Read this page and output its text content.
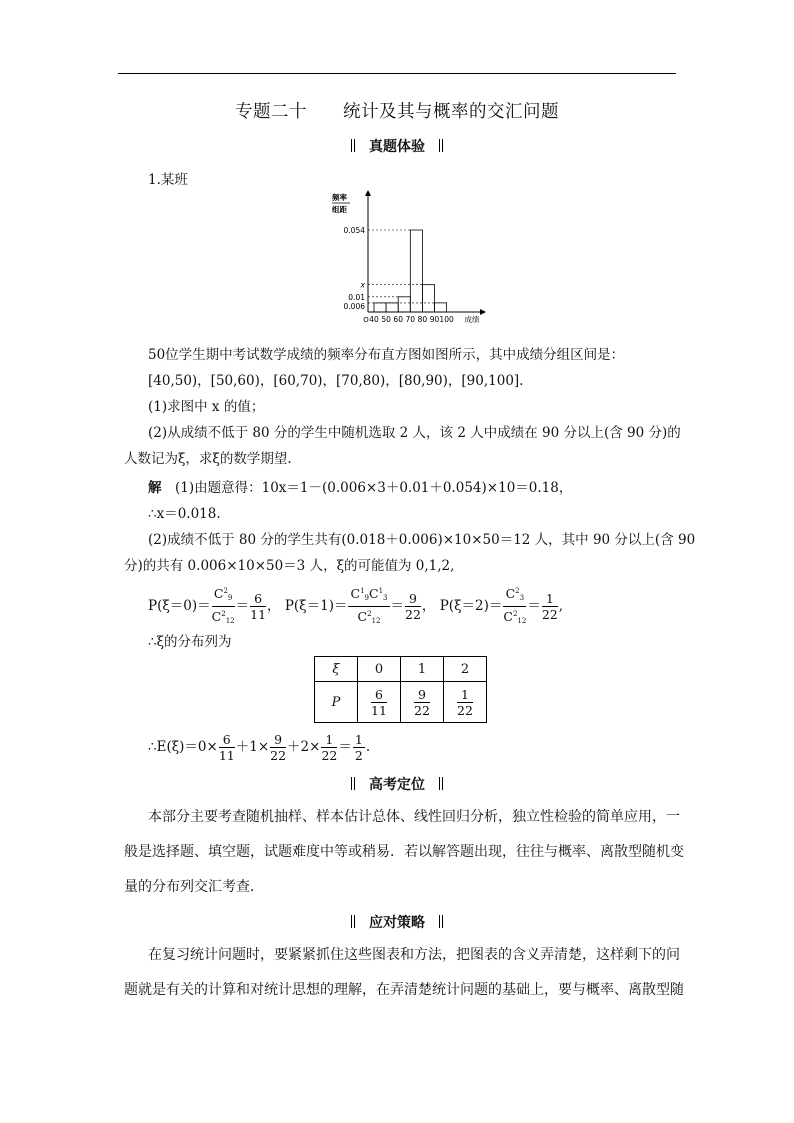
专题二十　　统计及其与概率的交汇问题
真题体验
1.某班
频率
组距
0.054
x
0.01
0.006
O 40 50 60 70 80 90 100 成绩
50位学生期中考试数学成绩的频率分布直方图如图所示，其中成绩分组区间是：
[40,50)，[50,60)，[60,70)，[70,80)，[80,90)，[90,100].
(1)求图中 x 的值；
(2)从成绩不低于 80 分的学生中随机选取 2 人，该 2 人中成绩在 90 分以上(含 90 分)的
人数记为ξ，求ξ的数学期望.
解　 (1)由题意得：10x＝1－(0.006×3＋0.01＋0.054)×10＝0.18，
∴x＝0.018.
(2)成绩不低于 80 分的学生共有(0.018＋0.006)×10×50＝12 人，其中 90 分以上(含 90
分)的共有 0.006×10×50＝3 人，ξ的可能值为 0,1,2,
$P(\xi=0)= \frac{C^2_9}{C^2_{12}} = \frac{6}{11}$ ， $P(\xi=1)= \frac{C^1_9C^1_3}{C^2_{12}} = \frac{9}{22}$ ， $P(\xi=2)= \frac{C^2_3}{C^2_{12}} = \frac{1}{22}$ ,
∴ξ的分布列为
ξ	0	1	2
P	$\frac{6}{11}$	$\frac{9}{22}$	$\frac{1}{22}$
∴E(ξ)＝0× $\frac{6}{11} +1\times \frac{9}{22} +2\times \frac{1}{22} = \frac{1}{2}$ .
高考定位
本部分主要考查随机抽样、样本估计总体、线性回归分析，独立性检验的简单应用，一
般是选择题、填空题，试题难度中等或稍易．若以解答题出现，往往与概率、离散型随机变
量的分布列交汇考查．
应对策略
在复习统计问题时，要紧紧抓住这些图表和方法，把图表的含义弄清楚，这样剩下的问
题就是有关的计算和对统计思想的理解，在弄清楚统计问题的基础上，要与概率、离散型随
